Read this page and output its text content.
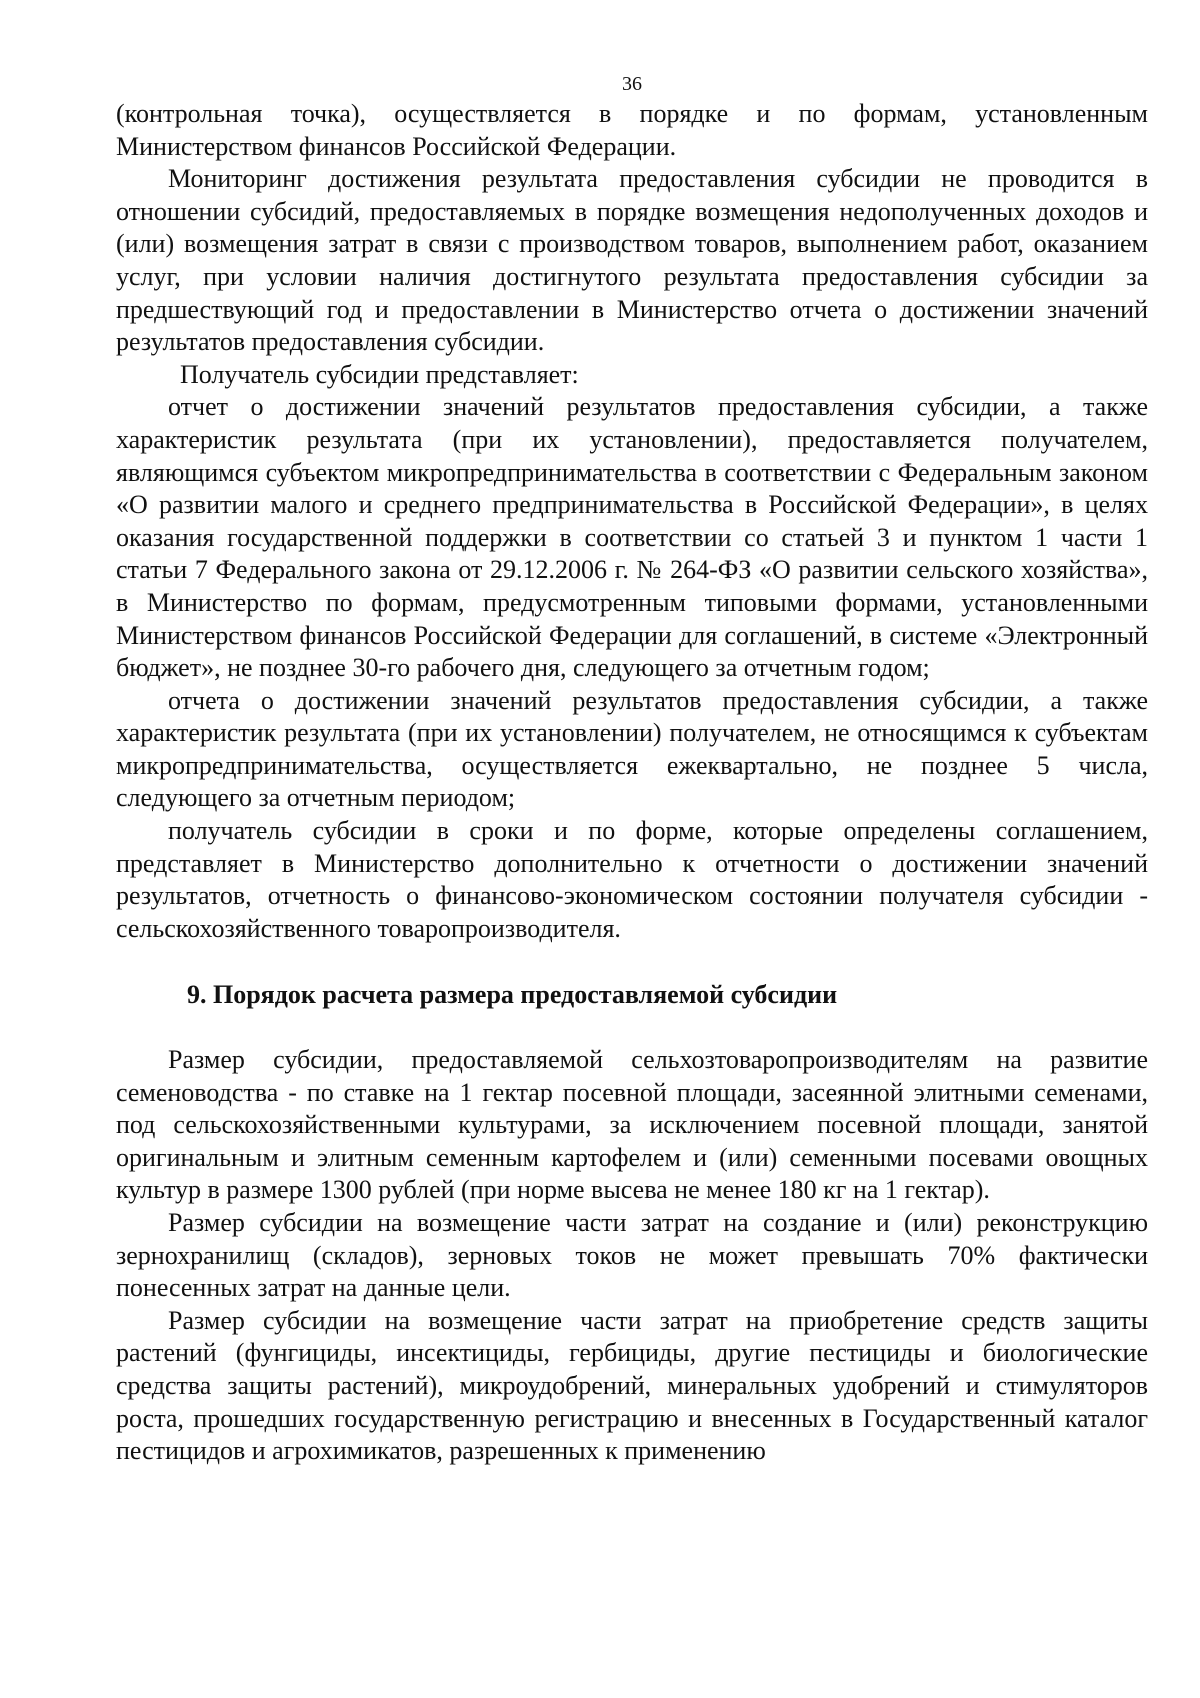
36

(контрольная точка), осуществляется в порядке и по формам, установленным Министерством финансов Российской Федерации.

Мониторинг достижения результата предоставления субсидии не проводится в отношении субсидий, предоставляемых в порядке возмещения недополученных доходов и (или) возмещения затрат в связи с производством товаров, выполнением работ, оказанием услуг, при условии наличия достигнутого результата предоставления субсидии за предшествующий год и предоставлении в Министерство отчета о достижении значений результатов предоставления субсидии.

Получатель субсидии представляет:

отчет о достижении значений результатов предоставления субсидии, а также характеристик результата (при их установлении), предоставляется получателем, являющимся субъектом микропредпринимательства в соответствии с Федеральным законом «О развитии малого и среднего предпринимательства в Российской Федерации», в целях оказания государственной поддержки в соответствии со статьей 3 и пунктом 1 части 1 статьи 7 Федерального закона от 29.12.2006 г. № 264-ФЗ «О развитии сельского хозяйства», в Министерство по формам, предусмотренным типовыми формами, установленными Министерством финансов Российской Федерации для соглашений, в системе «Электронный бюджет», не позднее 30-го рабочего дня, следующего за отчетным годом;

отчета о достижении значений результатов предоставления субсидии, а также характеристик результата (при их установлении) получателем, не относящимся к субъектам микропредпринимательства, осуществляется ежеквартально, не позднее 5 числа, следующего за отчетным периодом;

получатель субсидии в сроки и по форме, которые определены соглашением, представляет в Министерство дополнительно к отчетности о достижении значений результатов, отчетность о финансово-экономическом состоянии получателя субсидии - сельскохозяйственного товаропроизводителя.

9. Порядок расчета размера предоставляемой субсидии

Размер субсидии, предоставляемой сельхозтоваропроизводителям на развитие семеноводства - по ставке на 1 гектар посевной площади, засеянной элитными семенами, под сельскохозяйственными культурами, за исключением посевной площади, занятой оригинальным и элитным семенным картофелем и (или) семенными посевами овощных культур в размере 1300 рублей (при норме высева не менее 180 кг на 1 гектар).

Размер субсидии на возмещение части затрат на создание и (или) реконструкцию зернохранилищ (складов), зерновых токов не может превышать 70% фактически понесенных затрат на данные цели.

Размер субсидии на возмещение части затрат на приобретение средств защиты растений (фунгициды, инсектициды, гербициды, другие пестициды и биологические средства защиты растений), микроудобрений, минеральных удобрений и стимуляторов роста, прошедших государственную регистрацию и внесенных в Государственный каталог пестицидов и агрохимикатов, разрешенных к применению
